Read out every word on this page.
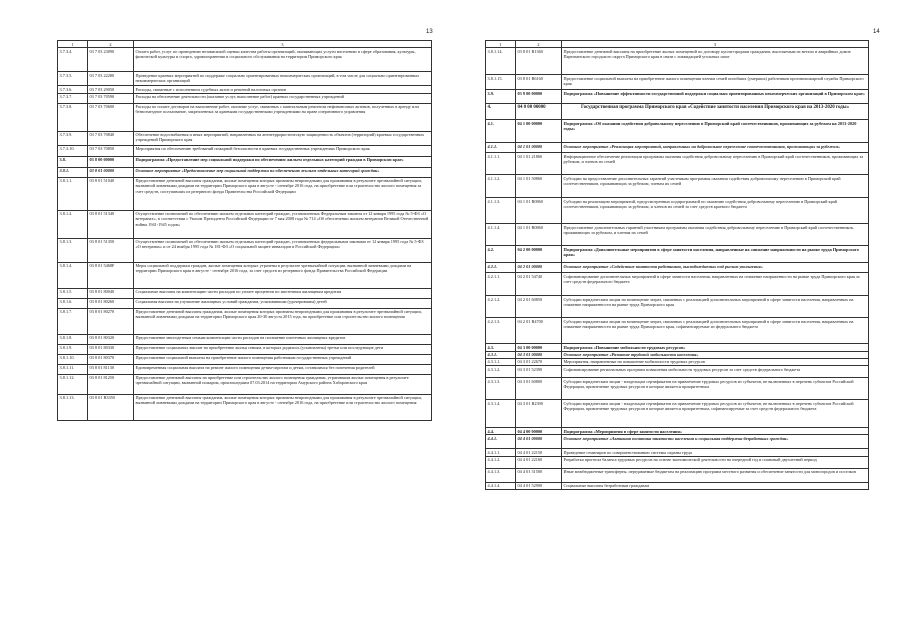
13
1	2	3
3.7.3.4.	03 7 03 23090	Оплата работ, услуг по проведению независимой оценки качества работы организаций, оказывающих услуги населению в сфере образования, культуры, физической культуры и спорта, здравоохранения и социального обслуживания на территории Приморского края
3.7.3.5.	03 7 03 22280	Проведение краевых мероприятий по поддержке социально ориентированных некоммерческих организаций, в том числе для социально ориентированных некоммерческих организаций
3.7.3.6.	03 7 03 29050	Расходы, связанные с исполнением судебных актов и решений налоговых органов
3.7.3.7.	03 7 03 70590	Расходы на обеспечение деятельности (оказание услуг, выполнение работ) краевых государственных учреждений
3.7.3.8.	03 7 03 70600	Расходы по оплате договоров на выполнение работ, оказание услуг, связанных с капитальным ремонтом нефинансовых активов, полученных в аренду или безвозмездное пользование, закрепленных за краевыми государственными учреждениями на праве оперативного управления
3.7.3.9.	03 7 03 70840	Обеспечение водоснабжения и иных мероприятий, направленных на антитеррористическую защищенность объектов (территорий) краевых государственных учреждений Приморского края
3.7.3.10.	03 7 03 70850	Мероприятия по обеспечению требований пожарной безопасности в краевых государственных учреждениях Приморского края
3.8.	03 8 00 00000	Подпрограмма «Предоставление мер социальной поддержки по обеспечению жильем отдельных категорий граждан в Приморском крае»
3.8.1.	03 8 01 00000	Основное мероприятие «Предоставление мер социальной поддержки по обеспечению жильем отдельных категорий граждан»
3.8.1.1.	03 8 01 51040	Предоставление денежной выплаты гражданам, жилые помещения которых признаны непригодными для проживания в результате чрезвычайной ситуации, вызванной ливневыми дождями на территории Приморского края в августе - сентябре 2016 года, на приобретение или строительство жилого помещения за счет средств, поступивших из резервного фонда Правительства Российской Федерации
3.8.1.2.	03 8 01 51340	Осуществление полномочий по обеспечению жильем отдельных категорий граждан, установленных Федеральным законом от 12 января 1995 года № 5-ФЗ «О ветеранах», в соответствии с Указом Президента Российской Федерации от 7 мая 2008 года № 714 «Об обеспечении жильем ветеранов Великой Отечественной войны 1941-1945 годов»
3.8.1.3.	03 8 01 51350	Осуществление полномочий по обеспечению жильем отдельных категорий граждан, установленных федеральными законами от 12 января 1995 года № 5-ФЗ «О ветеранах» и от 24 ноября 1995 года № 181-ФЗ «О социальной защите инвалидов в Российской Федерации»
3.8.1.4.	03 8 01 5468F	Меры социальной поддержки граждан, жилые помещения которых утрачены в результате чрезвычайной ситуации, вызванной ливневыми дождями на территории Приморского края в августе - сентябре 2016 года, за счет средств из резервного фонда Правительства Российской Федерации
3.8.1.5.	03 8 01 80040	Социальные выплаты на компенсацию части расходов по уплате процентов по ипотечным жилищным кредитам
3.8.1.6.	03 8 01 80260	Социальная выплата на улучшение жилищных условий гражданам, усыновившим (удочерившим) детей
3.8.1.7.	03 8 01 80270	Предоставление денежной выплаты гражданам, жилые помещения которых признаны непригодными для проживания в результате чрезвычайной ситуации, вызванной ливневыми дождями на территории Приморского края 20-30 августа 2015 года, на приобретение или строительство жилого помещения
3.8.1.8.	03 8 01 80320	Предоставление многодетным семьям компенсации части расходов на погашение ипотечных жилищных кредитов
3.8.1.9.	03 8 01 80330	Предоставление социальных выплат на приобретение жилья семьям, в которых родились (усыновлены) третьи или последующие дети
3.8.1.10.	03 8 01 80370	Предоставление социальной выплаты на приобретение жилого помещения работникам государственных учреждений
3.8.1.11.	03 8 01 81130	Единовременная социальная выплата на ремонт жилого помещения детям-сиротам и детям, оставшимся без попечения родителей
3.8.1.12.	03 8 01 81250	Предоставление денежной выплаты на приобретение или строительство жилого помещения гражданам, утратившим жилые помещения в результате чрезвычайной ситуации, вызванной пожаром, произошедшим 07.03.2014 на территории Амурского района Хабаровского края
3.8.1.13.	03 8 01 R3350	Предоставление денежной выплаты гражданам, жилые помещения которых признаны непригодными для проживания в результате чрезвычайной ситуации, вызванной ливневыми дождями на территории Приморского края в августе - сентябре 2016 года, на приобретение или строительство жилого помещения
14
1	2	3
3.8.1.14.	03 8 01 R1360	Предоставление денежной выплаты на приобретение жилых помещений по договору купли-продажи гражданам, выселяемым из ветхих и аварийных домов Партизанского городского округа Приморского края в связи с ликвидацией угольных шахт
3.8.1.15.	03 8 01 R6160	Предоставление социальной выплаты на приобретение жилого помещения членам семей погибших (умерших) работников противопожарной службы Приморского края
3.9.	03 9 00 00000	Подпрограмма «Повышение эффективности государственной поддержки социально ориентированных некоммерческих организаций в Приморском крае»
4.	04 0 00 00000	Государственная программа Приморского края «Содействие занятости населения Приморского края на 2013-2020 годы»
4.1.	04 1 00 00000	Подпрограмма «Об оказании содействия добровольному переселению в Приморский край соотечественников, проживающих за рубежом на 2013-2020 годы»
4.1.1.	04 1 01 00000	Основное мероприятие «Реализация мероприятий, направленных на добровольное переселение соотечественников, проживающих за рубежом»
4.1.1.1.	04 1 01 21860	Информационное обеспечение реализации программы оказания содействия добровольному переселению в Приморский край соотечественников, проживающих за рубежом, и членов их семей
4.1.1.2.	04 1 01 50860	Субсидии на предоставление дополнительных гарантий участникам программы оказания содействия добровольному переселению в Приморский край соотечественников, проживающих за рубежом, членам их семей
4.1.1.3.	04 1 01 R0860	Субсидии на реализацию мероприятий, предусмотренных подпрограммой по оказанию содействия добровольному переселению в Приморский край соотечественников, проживающих за рубежом, и членов их семей за счет средств краевого бюджета
4.1.1.4.	04 1 01 R0860	Предоставление дополнительных гарантий участникам программы оказания содействия добровольному переселению в Приморский край соотечественников, проживающих за рубежом, и членам их семей
4.2.	04 2 00 00000	Подпрограмма «Дополнительные мероприятия в сфере занятости населения, направленные на снижение напряженности на рынке труда Приморского края»
4.2.1.	04 2 01 00000	Основное мероприятие «Содействие занятости работников, высвобождаемых под риском увольнения»
4.2.1.1.	04 2 01 54740	Софинансирование дополнительных мероприятий в сфере занятости населения, направленных на снижение напряженности на рынке труда Приморского края за счет средств федерального бюджета
4.2.1.2.	04 2 01 60850	Субсидии юридическим лицам на возмещение затрат, связанных с реализацией дополнительных мероприятий в сфере занятости населения, направленных на снижение напряженности на рынке труда Приморского края
4.2.1.3.	04 2 01 R4700	Субсидии юридическим лицам на возмещение затрат, связанных с реализацией дополнительных мероприятий в сфере занятости населения, направленных на снижение напряженности на рынке труда Приморского края, софинансируемые из федерального бюджета
4.3.	04 3 00 00000	Подпрограмма «Повышение мобильности трудовых ресурсов»
4.3.1.	04 3 01 00000	Основное мероприятие «Развитие трудовой мобильности населения»
4.3.1.1.	04 3 01 22670	Мероприятия, направленные на повышение мобильности трудовых ресурсов
4.3.1.2.	04 3 01 52390	Софинансирование региональных программ повышения мобильности трудовых ресурсов за счет средств федерального бюджета
4.3.1.3.	04 3 01 60800	Субсидии юридическим лицам - владельцам сертификатов на привлечение трудовых ресурсов из субъектов, не включенных в перечень субъектов Российской Федерации, привлечение трудовых ресурсов в которые является приоритетным
4.3.1.4.	04 3 01 R2390	Субсидии юридическим лицам - владельцам сертификатов на привлечение трудовых ресурсов из субъектов, не включенных в перечень субъектов Российской Федерации, привлечение трудовых ресурсов в которые является приоритетным, софинансируемые за счет средств федерального бюджета
4.4.	04 4 00 00000	Подпрограмма «Мероприятия в сфере занятости населения»
4.4.1.	04 4 01 00000	Основное мероприятие «Активная политика занятости населения и социальная поддержка безработных граждан»
4.4.1.1.	04 4 01 22150	Проведение семинаров по совершенствованию системы охраны труда
4.4.1.2.	04 4 01 22160	Разработка прогноза баланса трудовых ресурсов на основе экономической деятельности на очередной год и плановый двухлетний период
4.4.1.3.	04 4 01 31500	Иные межбюджетные трансферты, передаваемые бюджетам на реализацию программ местного развития и обеспечение занятости для моногородов и поселков
4.4.1.4.	04 4 01 52900	Социальные выплаты безработным гражданам
